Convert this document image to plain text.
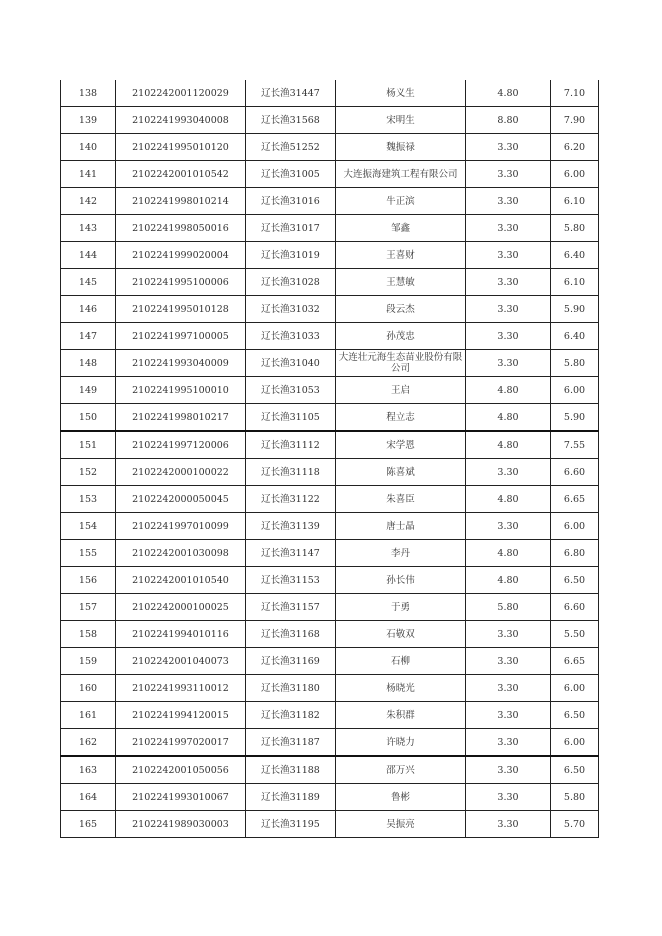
138	2102242001120029	辽长渔31447	杨义生	4.80	7.10
139	2102241993040008	辽长渔31568	宋明生	8.80	7.90
140	2102241995010120	辽长渔51252	魏振禄	3.30	6.20
141	2102242001010542	辽长渔31005	大连振海建筑工程有限公司	3.30	6.00
142	2102241998010214	辽长渔31016	牛正滨	3.30	6.10
143	2102241998050016	辽长渔31017	邹鑫	3.30	5.80
144	2102241999020004	辽长渔31019	王喜财	3.30	6.40
145	2102241995100006	辽长渔31028	王慧敏	3.30	6.10
146	2102241995010128	辽长渔31032	段云杰	3.30	5.90
147	2102241997100005	辽长渔31033	孙茂忠	3.30	6.40
148	2102241993040009	辽长渔31040	大连壮元海生态苗业股份有限公司	3.30	5.80
149	2102241995100010	辽长渔31053	王启	4.80	6.00
150	2102241998010217	辽长渔31105	程立志	4.80	5.90
151	2102241997120006	辽长渔31112	宋学恩	4.80	7.55
152	2102242000100022	辽长渔31118	陈喜斌	3.30	6.60
153	2102242000050045	辽长渔31122	朱喜臣	4.80	6.65
154	2102241997010099	辽长渔31139	唐士晶	3.30	6.00
155	2102242001030098	辽长渔31147	李丹	4.80	6.80
156	2102242001010540	辽长渔31153	孙长伟	4.80	6.50
157	2102242000100025	辽长渔31157	于勇	5.80	6.60
158	2102241994010116	辽长渔31168	石敬双	3.30	5.50
159	2102242001040073	辽长渔31169	石柳	3.30	6.65
160	2102241993110012	辽长渔31180	杨晓光	3.30	6.00
161	2102241994120015	辽长渔31182	朱积群	3.30	6.50
162	2102241997020017	辽长渔31187	许晓力	3.30	6.00
163	2102242001050056	辽长渔31188	邵万兴	3.30	6.50
164	2102241993010067	辽长渔31189	鲁彬	3.30	5.80
165	2102241989030003	辽长渔31195	吴振亮	3.30	5.70
